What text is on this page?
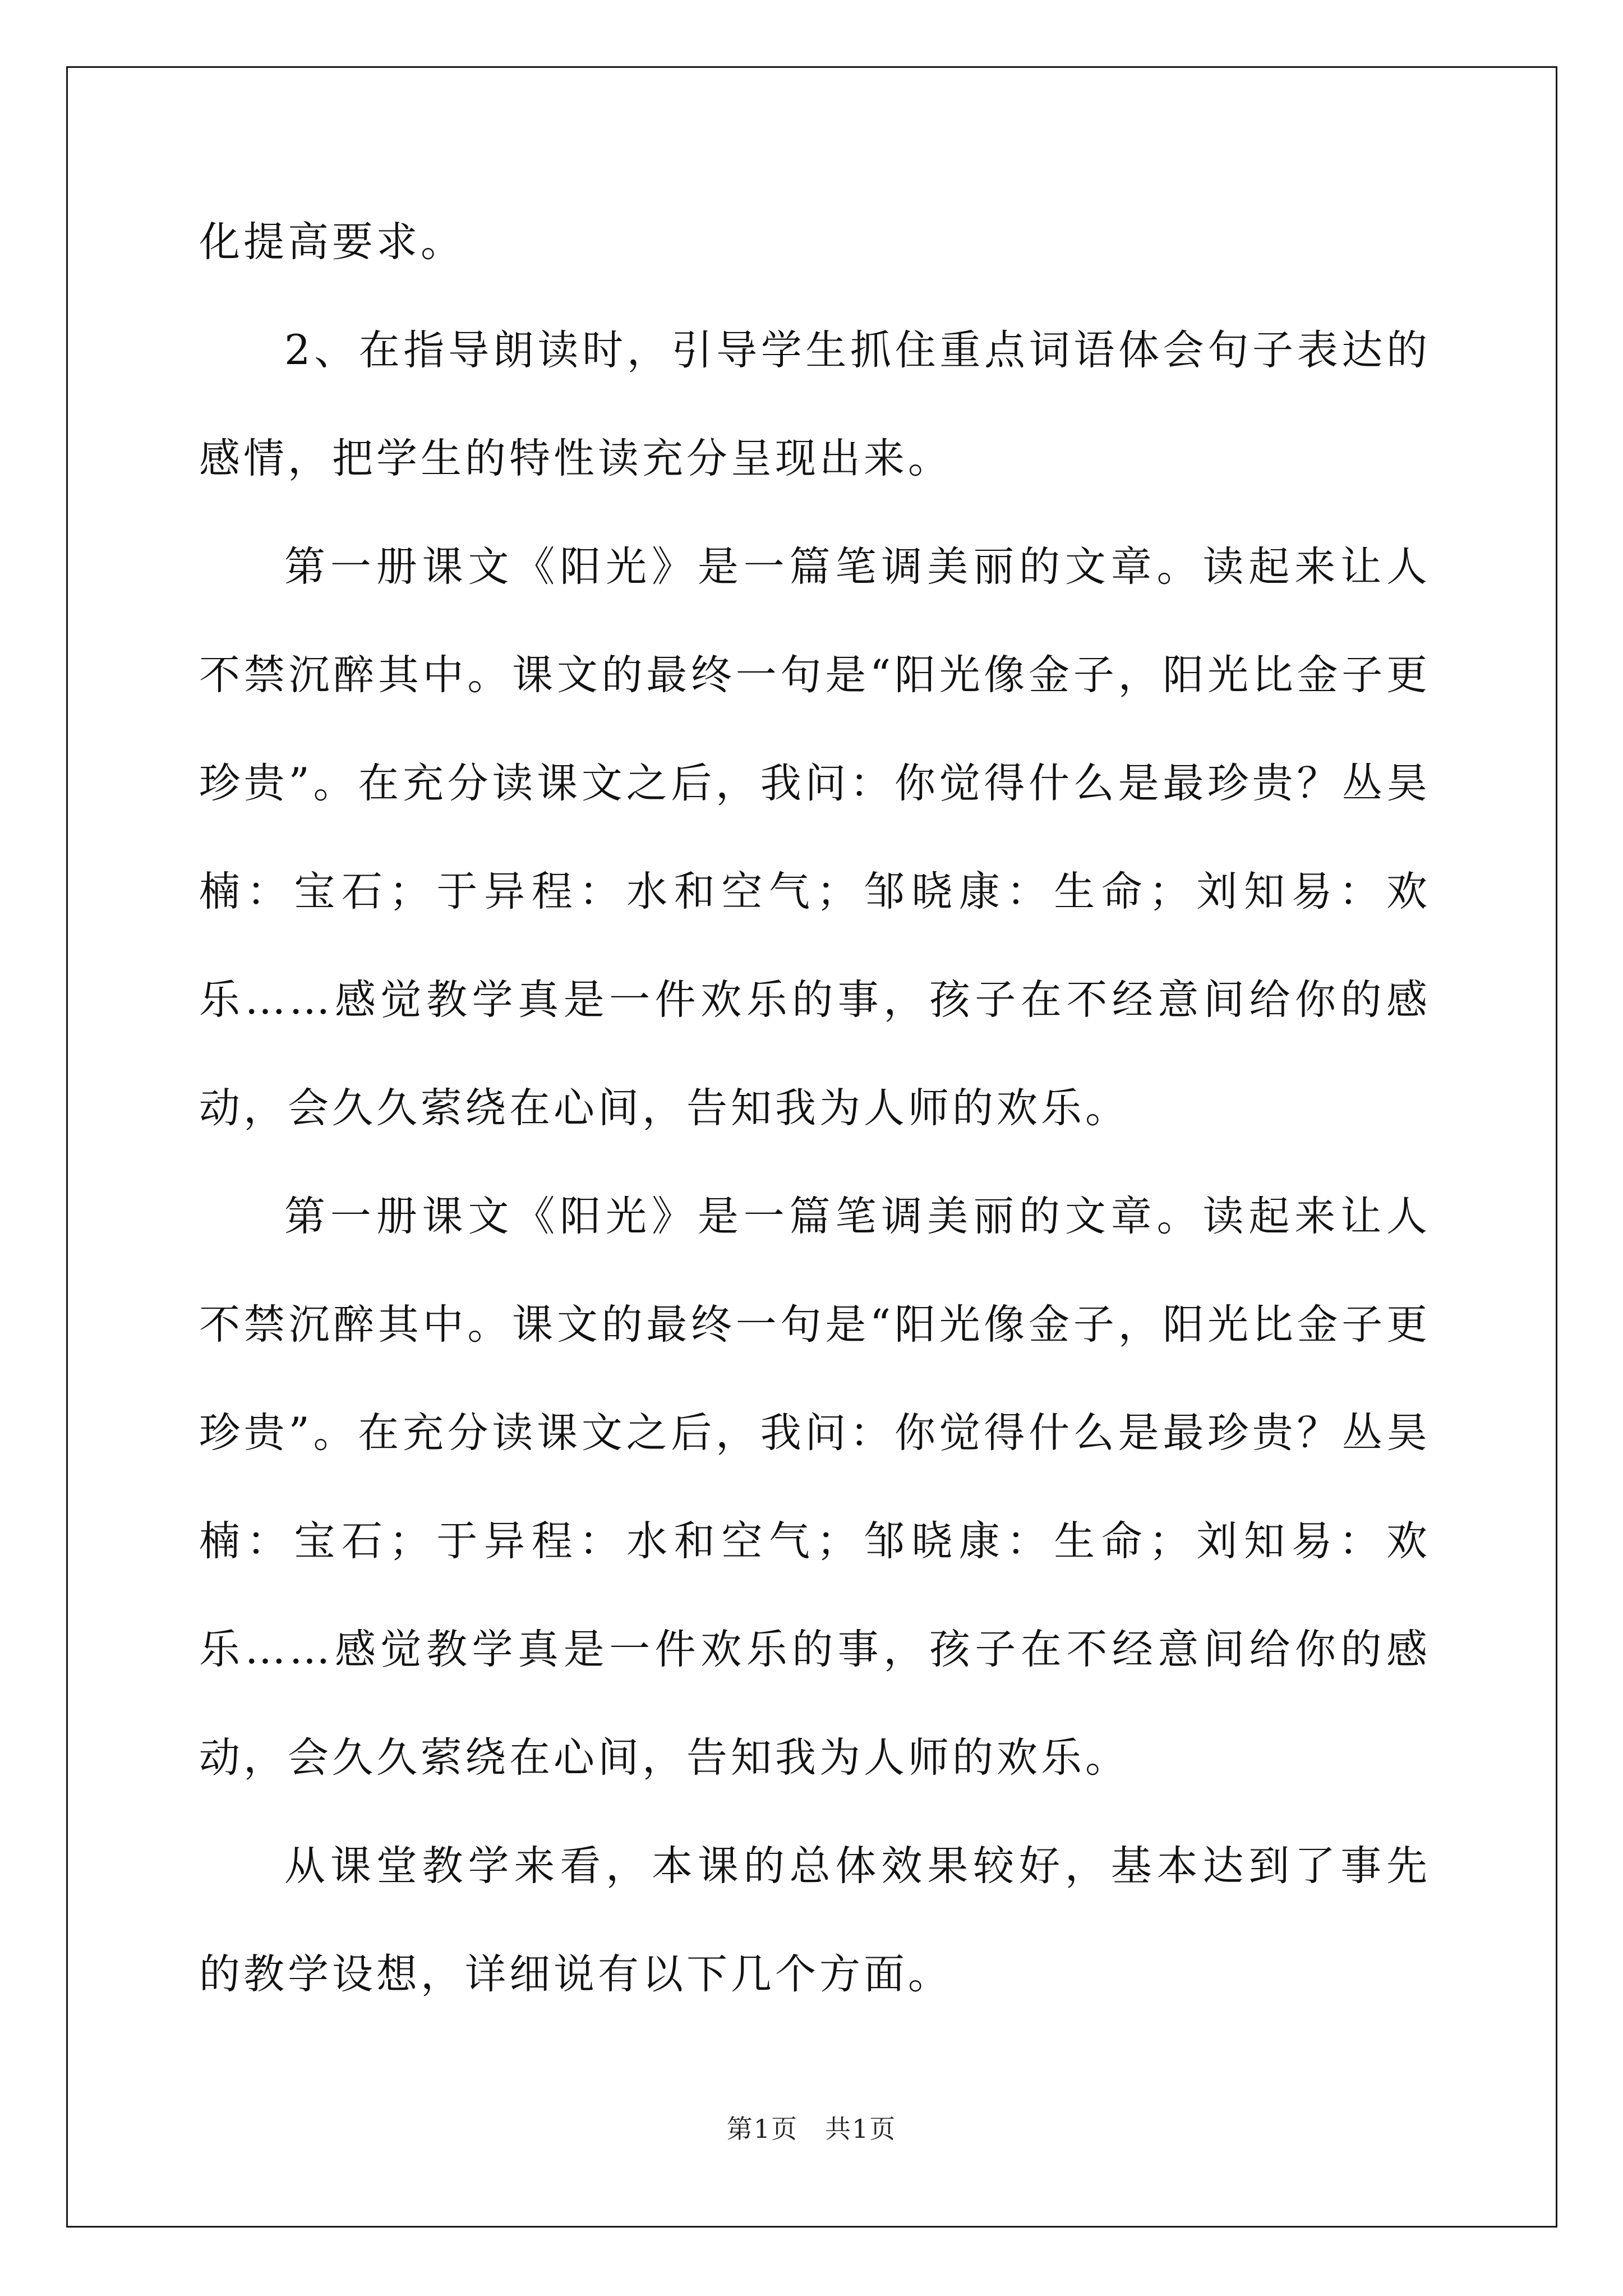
化提高要求。

2、在指导朗读时，引导学生抓住重点词语体会句子表达的感情，把学生的特性读充分呈现出来。

第一册课文《阳光》是一篇笔调美丽的文章。读起来让人不禁沉醉其中。课文的最终一句是“阳光像金子，阳光比金子更珍贵”。在充分读课文之后，我问：你觉得什么是最珍贵？丛昊楠：宝石；于异程：水和空气；邹晓康：生命；刘知易：欢乐……感觉教学真是一件欢乐的事，孩子在不经意间给你的感动，会久久萦绕在心间，告知我为人师的欢乐。

第一册课文《阳光》是一篇笔调美丽的文章。读起来让人不禁沉醉其中。课文的最终一句是“阳光像金子，阳光比金子更珍贵”。在充分读课文之后，我问：你觉得什么是最珍贵？丛昊楠：宝石；于异程：水和空气；邹晓康：生命；刘知易：欢乐……感觉教学真是一件欢乐的事，孩子在不经意间给你的感动，会久久萦绕在心间，告知我为人师的欢乐。

从课堂教学来看，本课的总体效果较好，基本达到了事先的教学设想，详细说有以下几个方面。

第1页 共1页
